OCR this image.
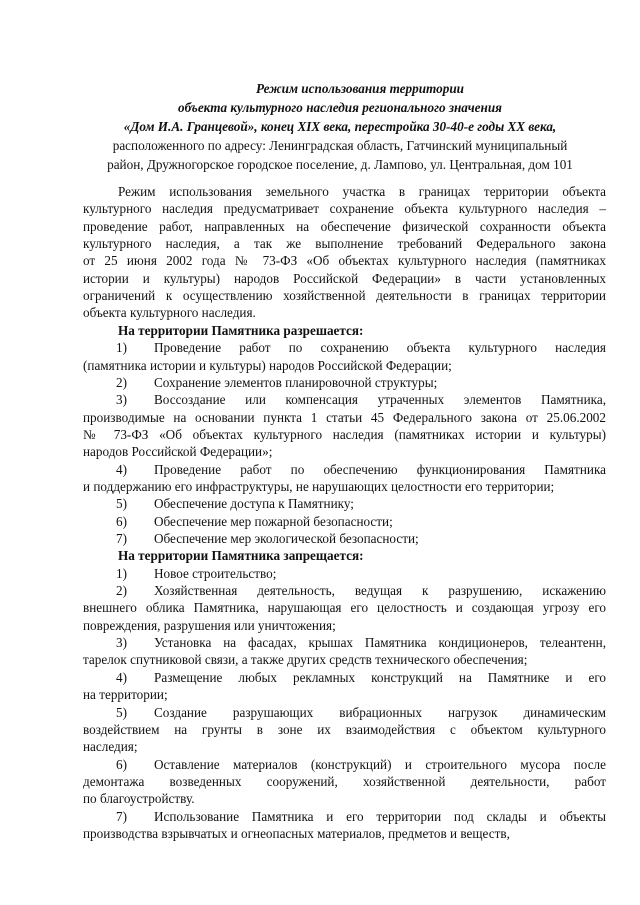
Режим использования территории
объекта культурного наследия регионального значения
«Дом И.А. Гранцевой», конец XIX века, перестройка 30-40-е годы XX века,
расположенного по адресу: Ленинградская область, Гатчинский муниципальный
район, Дружногорское городское поселение, д. Лампово, ул. Центральная, дом 101
Режим использования земельного участка в границах территории объекта
культурного наследия предусматривает сохранение объекта культурного наследия –
проведение работ, направленных на обеспечение физической сохранности объекта
культурного наследия, а так же выполнение требований Федерального закона
от 25 июня 2002 года № 73-ФЗ «Об объектах культурного наследия (памятниках
истории и культуры) народов Российской Федерации» в части установленных
ограничений к осуществлению хозяйственной деятельности в границах территории
объекта культурного наследия.
На территории Памятника разрешается:
1) Проведение работ по сохранению объекта культурного наследия
(памятника истории и культуры) народов Российской Федерации;
2) Сохранение элементов планировочной структуры;
3) Воссоздание или компенсация утраченных элементов Памятника,
производимые на основании пункта 1 статьи 45 Федерального закона от 25.06.2002
№ 73-ФЗ «Об объектах культурного наследия (памятниках истории и культуры)
народов Российской Федерации»;
4) Проведение работ по обеспечению функционирования Памятника
и поддержанию его инфраструктуры, не нарушающих целостности его территории;
5) Обеспечение доступа к Памятнику;
6) Обеспечение мер пожарной безопасности;
7) Обеспечение мер экологической безопасности;
На территории Памятника запрещается:
1) Новое строительство;
2) Хозяйственная деятельность, ведущая к разрушению, искажению
внешнего облика Памятника, нарушающая его целостность и создающая угрозу его
повреждения, разрушения или уничтожения;
3) Установка на фасадах, крышах Памятника кондиционеров, телеантенн,
тарелок спутниковой связи, а также других средств технического обеспечения;
4) Размещение любых рекламных конструкций на Памятнике и его
на территории;
5) Создание разрушающих вибрационных нагрузок динамическим
воздействием на грунты в зоне их взаимодействия с объектом культурного
наследия;
6) Оставление материалов (конструкций) и строительного мусора после
демонтажа возведенных сооружений, хозяйственной деятельности, работ
по благоустройству.
7) Использование Памятника и его территории под склады и объекты
производства взрывчатых и огнеопасных материалов, предметов и веществ,
